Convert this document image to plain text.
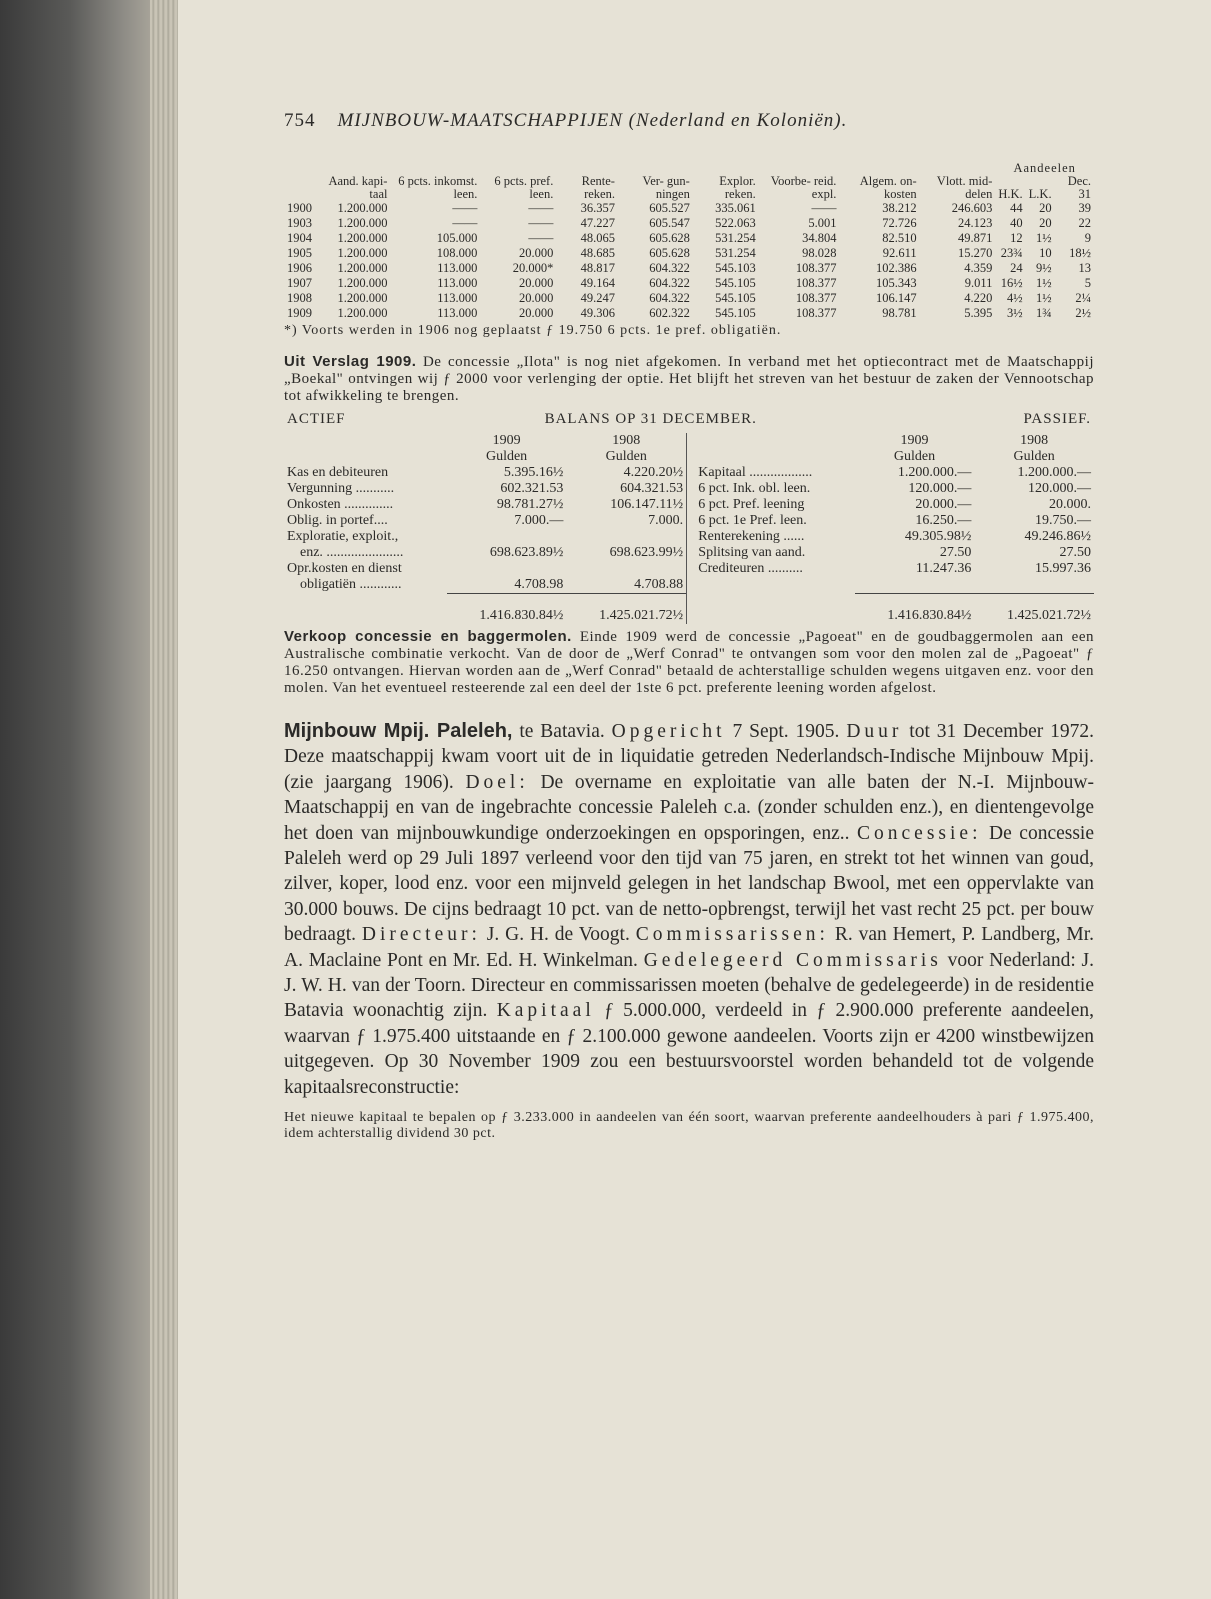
754 MIJNBOUW-MAATSCHAPPIJEN (Nederland en Koloniën).
										Aandeelen		
	Aand. kapi- taal	6 pcts. inkomst. leen.	6 pcts. pref. leen.	Rente- reken.	Ver- gun- ningen	Explor. reken.	Voorbe- reid. expl.	Algem. on- kosten	Vlott. mid- delen	H.K.	L.K.	Dec. 31
1900	1.200.000	——	——	36.357	605.527	335.061	——	38.212	246.603	44	20	39
1903	1.200.000	——	——	47.227	605.547	522.063	5.001	72.726	24.123	40	20	22
1904	1.200.000	105.000	——	48.065	605.628	531.254	34.804	82.510	49.871	12	1½	9
1905	1.200.000	108.000	20.000	48.685	605.628	531.254	98.028	92.611	15.270	23¾	10	18½
1906	1.200.000	113.000	20.000*	48.817	604.322	545.103	108.377	102.386	4.359	24	9½	13
1907	1.200.000	113.000	20.000	49.164	604.322	545.105	108.377	105.343	9.011	16½	1½	5
1908	1.200.000	113.000	20.000	49.247	604.322	545.105	108.377	106.147	4.220	4½	1½	2¼
1909	1.200.000	113.000	20.000	49.306	602.322	545.105	108.377	98.781	5.395	3½	1¾	2½
*) Voorts werden in 1906 nog geplaatst ƒ 19.750 6 pcts. 1e pref. obligatiën.
Uit Verslag 1909. De concessie „Ilota" is nog niet afgekomen. In verband met het optiecontract met de Maatschappij „Boekal" ontvingen wij ƒ 2000 voor verlenging der optie. Het blijft het streven van het bestuur de zaken der Vennootschap tot afwikkeling te brengen.
ACTIEF	BALANS OP 31 DECEMBER.				PASSIEF.	
	1909	1908			1909	1908
	Gulden	Gulden			Gulden	Gulden
Kas en debiteuren	5.395.16½	4.220.20½		Kapitaal ..................	1.200.000.—	1.200.000.—
Vergunning ...........	602.321.53	604.321.53		6 pct. Ink. obl. leen.	120.000.—	120.000.—
Onkosten ..............	98.781.27½	106.147.11½		6 pct. Pref. leening	20.000.—	20.000.
Oblig. in portef....	7.000.—	7.000.		6 pct. 1e Pref. leen.	16.250.—	19.750.—
Exploratie, exploit.,				Renterekening ......	49.305.98½	49.246.86½
enz. ......................	698.623.89½	698.623.99½		Splitsing van aand.	27.50	27.50
Opr.kosten en dienst				Crediteuren ..........	11.247.36	15.997.36
obligatiën ............	4.708.98	4.708.88				

	1.416.830.84½	1.425.021.72½			1.416.830.84½	1.425.021.72½
Verkoop concessie en baggermolen. Einde 1909 werd de concessie „Pagoeat" en de goudbaggermolen aan een Australische combinatie verkocht. Van de door de „Werf Conrad" te ontvangen som voor den molen zal de „Pagoeat" ƒ 16.250 ontvangen. Hiervan worden aan de „Werf Conrad" betaald de achterstallige schulden wegens uitgaven enz. voor den molen. Van het eventueel resteerende zal een deel der 1ste 6 pct. preferente leening worden afgelost.
Mijnbouw Mpij. Paleleh, te Batavia. Opgericht 7 Sept. 1905. Duur tot 31 December 1972. Deze maatschappij kwam voort uit de in liquidatie getreden Nederlandsch-Indische Mijnbouw Mpij. (zie jaargang 1906). Doel: De overname en exploitatie van alle baten der N.-I. Mijnbouw-Maatschappij en van de ingebrachte concessie Paleleh c.a. (zonder schulden enz.), en dientengevolge het doen van mijnbouwkundige onderzoekingen en opsporingen, enz.. Concessie: De concessie Paleleh werd op 29 Juli 1897 verleend voor den tijd van 75 jaren, en strekt tot het winnen van goud, zilver, koper, lood enz. voor een mijnveld gelegen in het landschap Bwool, met een oppervlakte van 30.000 bouws. De cijns bedraagt 10 pct. van de netto-opbrengst, terwijl het vast recht 25 pct. per bouw bedraagt. Directeur: J. G. H. de Voogt. Commissarissen: R. van Hemert, P. Landberg, Mr. A. Maclaine Pont en Mr. Ed. H. Winkelman. Gedelegeerd Commissaris voor Nederland: J. J. W. H. van der Toorn. Directeur en commissarissen moeten (behalve de gedelegeerde) in de residentie Batavia woonachtig zijn. Kapitaal ƒ 5.000.000, verdeeld in ƒ 2.900.000 preferente aandeelen, waarvan ƒ 1.975.400 uitstaande en ƒ 2.100.000 gewone aandeelen. Voorts zijn er 4200 winstbewijzen uitgegeven. Op 30 November 1909 zou een bestuursvoorstel worden behandeld tot de volgende kapitaalsreconstructie:
Het nieuwe kapitaal te bepalen op ƒ 3.233.000 in aandeelen van één soort, waarvan preferente aandeelhouders à pari ƒ 1.975.400, idem achterstallig dividend 30 pct.
